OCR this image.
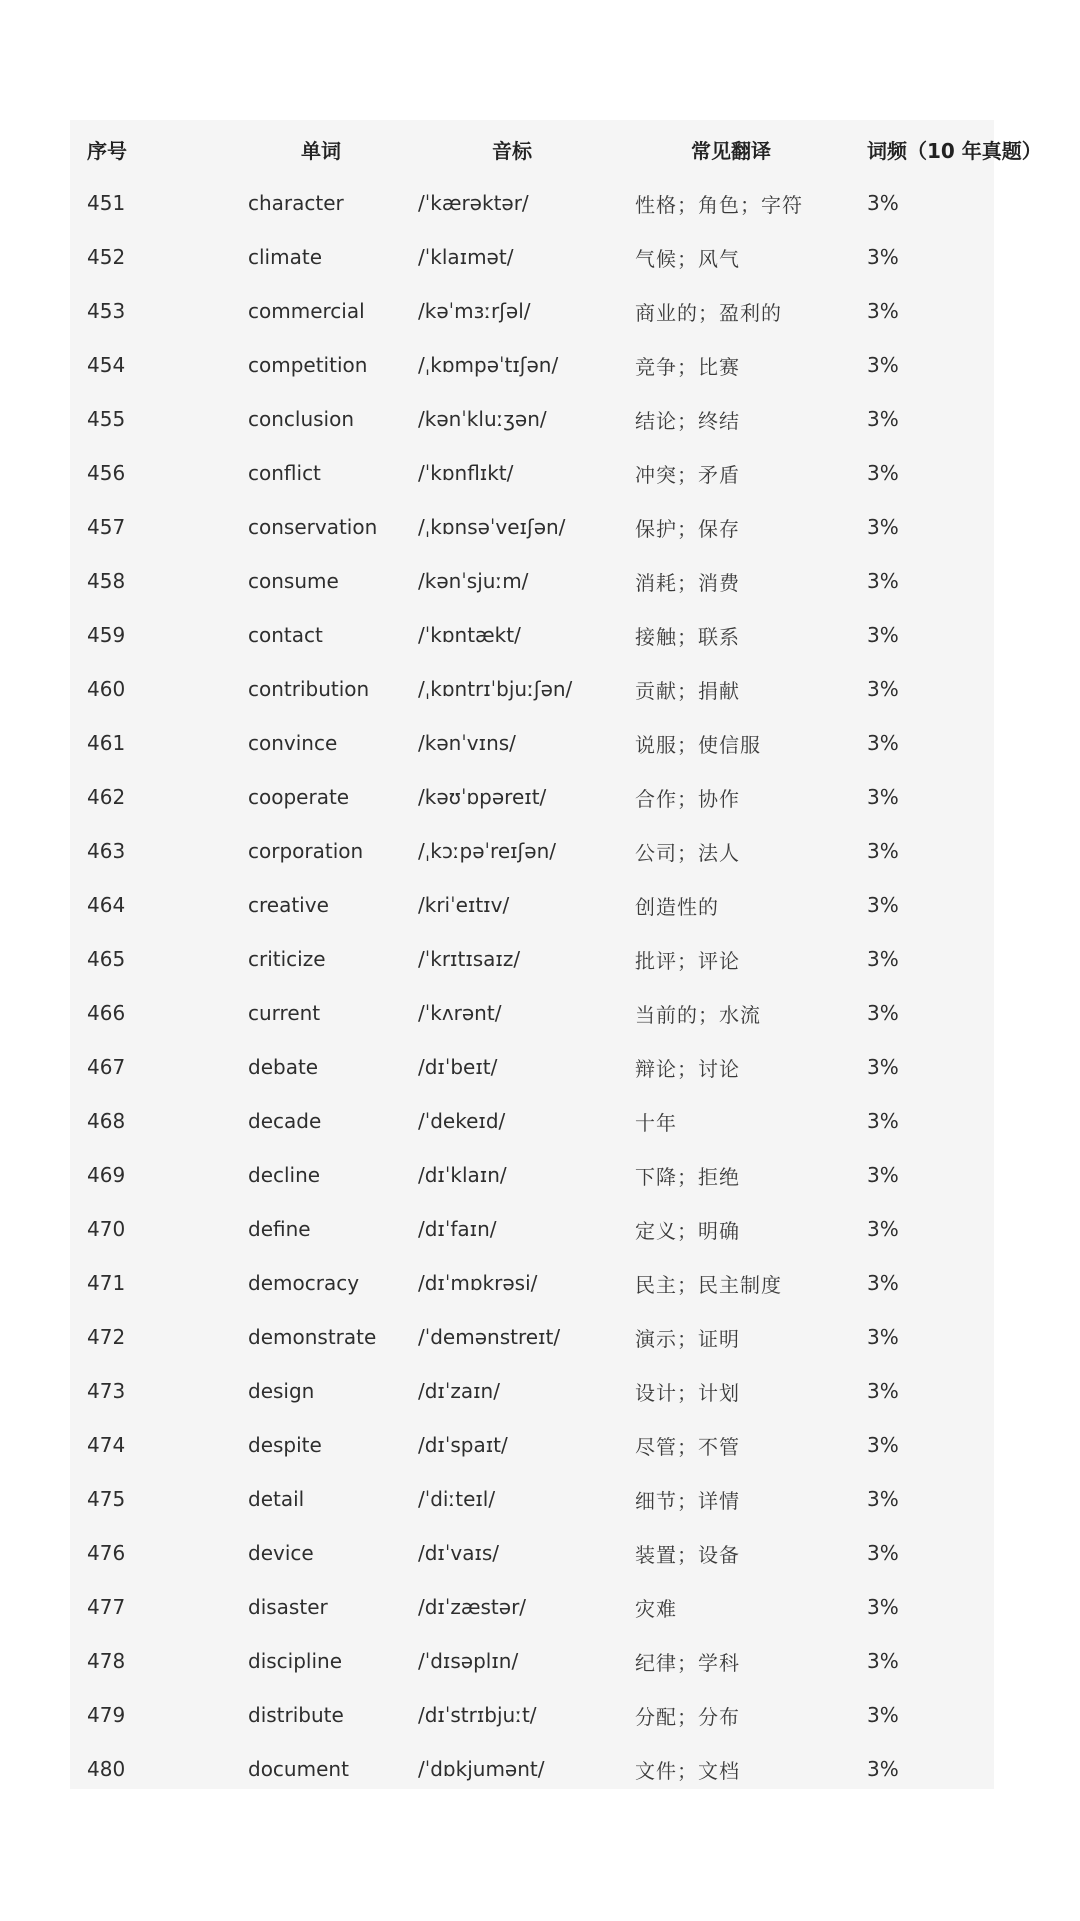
序号	单词	音标	常见翻译	词频（10 年真题）
451	character	/ˈkærəktər/	性格；角色；字符	3%
452	climate	/ˈklaɪmət/	气候；风气	3%
453	commercial	/kəˈmɜːrʃəl/	商业的；盈利的	3%
454	competition	/ˌkɒmpəˈtɪʃən/	竞争；比赛	3%
455	conclusion	/kənˈkluːʒən/	结论；终结	3%
456	conflict	/ˈkɒnflɪkt/	冲突；矛盾	3%
457	conservation	/ˌkɒnsəˈveɪʃən/	保护；保存	3%
458	consume	/kənˈsjuːm/	消耗；消费	3%
459	contact	/ˈkɒntækt/	接触；联系	3%
460	contribution	/ˌkɒntrɪˈbjuːʃən/	贡献；捐献	3%
461	convince	/kənˈvɪns/	说服；使信服	3%
462	cooperate	/kəʊˈɒpəreɪt/	合作；协作	3%
463	corporation	/ˌkɔːpəˈreɪʃən/	公司；法人	3%
464	creative	/kriˈeɪtɪv/	创造性的	3%
465	criticize	/ˈkrɪtɪsaɪz/	批评；评论	3%
466	current	/ˈkʌrənt/	当前的；水流	3%
467	debate	/dɪˈbeɪt/	辩论；讨论	3%
468	decade	/ˈdekeɪd/	十年	3%
469	decline	/dɪˈklaɪn/	下降；拒绝	3%
470	define	/dɪˈfaɪn/	定义；明确	3%
471	democracy	/dɪˈmɒkrəsi/	民主；民主制度	3%
472	demonstrate	/ˈdemənstreɪt/	演示；证明	3%
473	design	/dɪˈzaɪn/	设计；计划	3%
474	despite	/dɪˈspaɪt/	尽管；不管	3%
475	detail	/ˈdiːteɪl/	细节；详情	3%
476	device	/dɪˈvaɪs/	装置；设备	3%
477	disaster	/dɪˈzæstər/	灾难	3%
478	discipline	/ˈdɪsəplɪn/	纪律；学科	3%
479	distribute	/dɪˈstrɪbjuːt/	分配；分布	3%
480	document	/ˈdɒkjumənt/	文件；文档	3%
